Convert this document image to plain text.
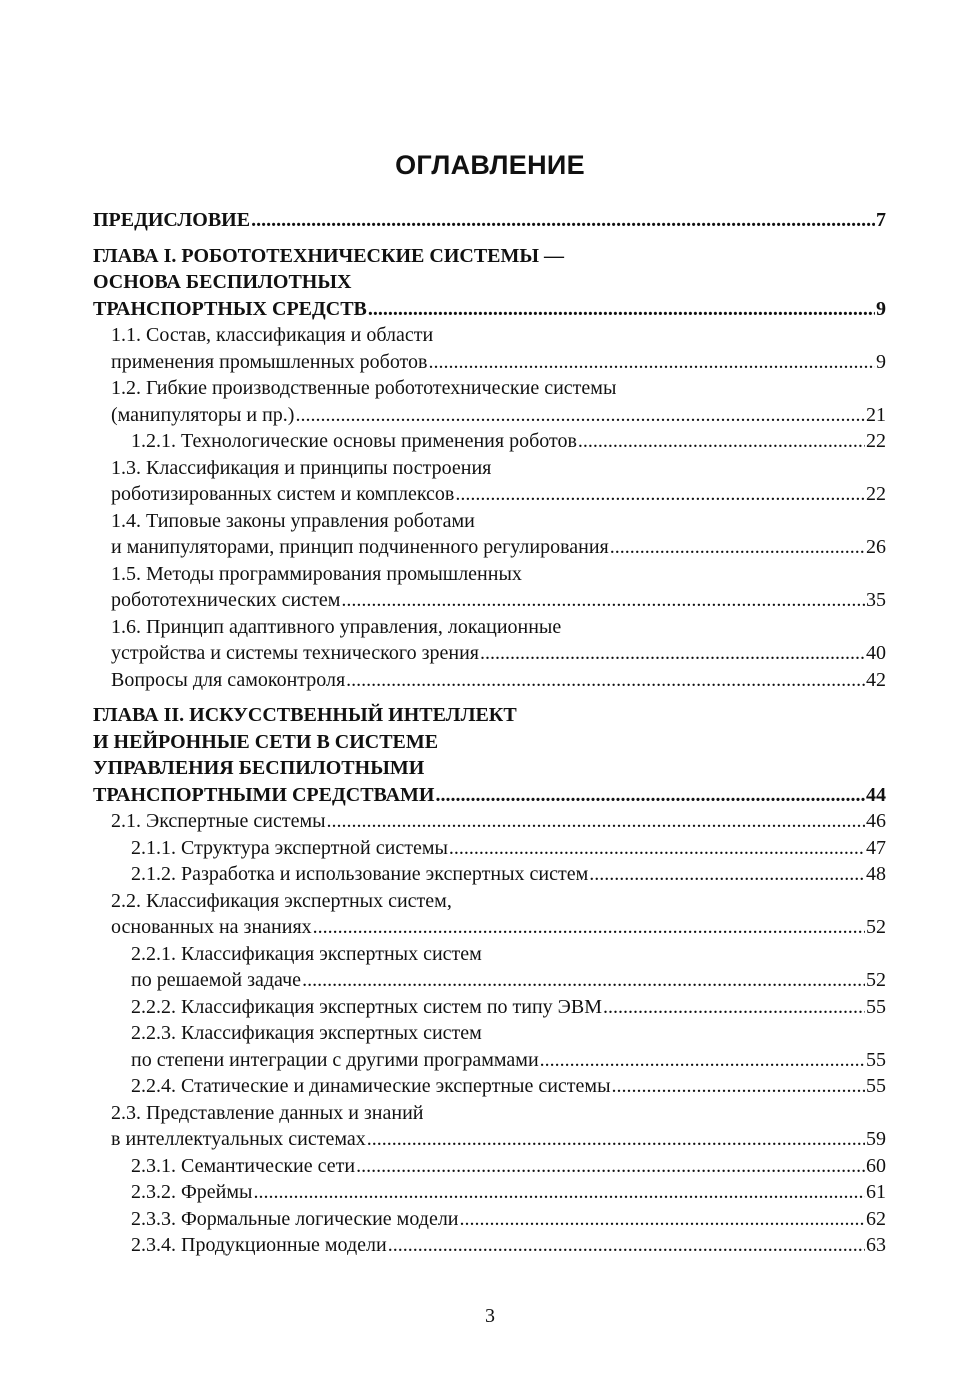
ОГЛАВЛЕНИЕ
ПРЕДИСЛОВИЕ .....	7
ГЛАВА I. РОБОТОТЕХНИЧЕСКИЕ СИСТЕМЫ —
ОСНОВА БЕСПИЛОТНЫХ
ТРАНСПОРТНЫХ СРЕДСТВ .....	9
1.1. Состав, классификация и области
применения промышленных роботов .....	9
1.2. Гибкие производственные робототехнические системы
(манипуляторы и пр.) .....	21
1.2.1. Технологические основы применения роботов .....	22
1.3. Классификация и принципы построения
роботизированных систем и комплексов .....	22
1.4. Типовые законы управления роботами
и манипуляторами, принцип подчиненного регулирования .....	26
1.5. Методы программирования промышленных
робототехнических систем .....	35
1.6. Принцип адаптивного управления, локационные
устройства и системы технического зрения .....	40
Вопросы для самоконтроля .....	42
ГЛАВА II. ИСКУССТВЕННЫЙ ИНТЕЛЛЕКТ
И НЕЙРОННЫЕ СЕТИ В СИСТЕМЕ
УПРАВЛЕНИЯ БЕСПИЛОТНЫМИ
ТРАНСПОРТНЫМИ СРЕДСТВАМИ .....	44
2.1. Экспертные системы .....	46
2.1.1. Структура экспертной системы .....	47
2.1.2. Разработка и использование экспертных систем .....	48
2.2. Классификация экспертных систем,
основанных на знаниях .....	52
2.2.1. Классификация экспертных систем
по решаемой задаче .....	52
2.2.2. Классификация экспертных систем по типу ЭВМ .....	55
2.2.3. Классификация экспертных систем
по степени интеграции с другими программами .....	55
2.2.4. Статические и динамические экспертные системы .....	55
2.3. Представление данных и знаний
в интеллектуальных системах .....	59
2.3.1. Семантические сети .....	60
2.3.2. Фреймы .....	61
2.3.3. Формальные логические модели .....	62
2.3.4. Продукционные модели .....	63
3
